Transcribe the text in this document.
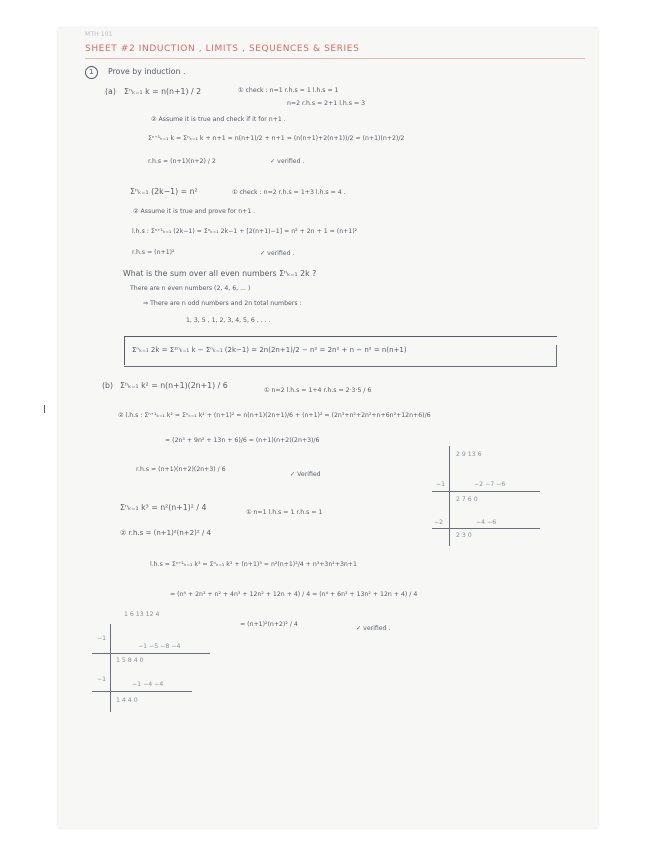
MTH 101
SHEET #2 INDUCTION , LIMITS , SEQUENCES & SERIES
1 Prove by induction .
(a) Σⁿₖ₌₁ k = n(n+1) / 2	① check : n=1 r.h.s = 1 l.h.s = 1
n=2 r.h.s = 2+1 l.h.s = 3
② Assume it is true and check if it for n+1 .
Σⁿ⁺¹ₖ₌₁ k = Σⁿₖ₌₁ k + n+1 = n(n+1)/2 + n+1 = (n(n+1)+2(n+1))/2 = (n+1)(n+2)/2
r.h.s = (n+1)(n+2) / 2	✓ verified .
Σⁿₖ₌₁ (2k−1) = n²	① check : n=2 r.h.s = 1+3 l.h.s = 4 .
② Assume it is true and prove for n+1 .
l.h.s : Σⁿ⁺¹ₖ₌₁ (2k−1) = Σⁿₖ₌₁ 2k−1 + [2(n+1)−1] = n² + 2n + 1 = (n+1)²
r.h.s = (n+1)²	✓ verified .
What is the sum over all even numbers Σⁿₖ₌₁ 2k ?
There are n even numbers (2, 4, 6, ... )
⇒ There are n odd numbers and 2n total numbers :
1, 3, 5 , 1, 2, 3, 4, 5, 6 , . . .
Σⁿₖ₌₁ 2k = Σ²ⁿₖ₌₁ k − Σⁿₖ₌₁ (2k−1) = 2n(2n+1)/2 − n² = 2n² + n − n² = n(n+1)
(b) Σⁿₖ₌₁ k² = n(n+1)(2n+1) / 6
① n=2 l.h.s = 1+4 r.h.s = 2·3·5 / 6
② l.h.s : Σⁿ⁺¹ₖ₌₁ k² = Σⁿₖ₌₁ k² + (n+1)² = n(n+1)(2n+1)/6 + (n+1)² = (2n³+n²+2n²+n+6n²+12n+6)/6
= (2n³ + 9n² + 13n + 6)/6 = (n+1)(n+2)(2n+3)/6
r.h.s = (n+1)(n+2)(2n+3) / 6
✓ Verified
2 9 13 6
−1	−2 −7 −6
2 7 6 0
−2	−4 −6
2 3 0
Σⁿₖ₌₁ k³ = n²(n+1)² / 4
① n=1 l.h.s = 1 r.h.s = 1
② r.h.s = (n+1)²(n+2)² / 4
l.h.s = Σⁿ⁺¹ₖ₌₁ k³ = Σⁿₖ₌₁ k³ + (n+1)³ = n²(n+1)²/4 + n³+3n²+3n+1
= (n⁴ + 2n³ + n² + 4n³ + 12n² + 12n + 4) / 4 = (n⁴ + 6n³ + 13n² + 12n + 4) / 4
= (n+1)²(n+2)² / 4
✓ verified .
1 6 13 12 4
−1
−1 −5 −8 −4
1 5 8 4 0
−1
−1 −4 −4
1 4 4 0
